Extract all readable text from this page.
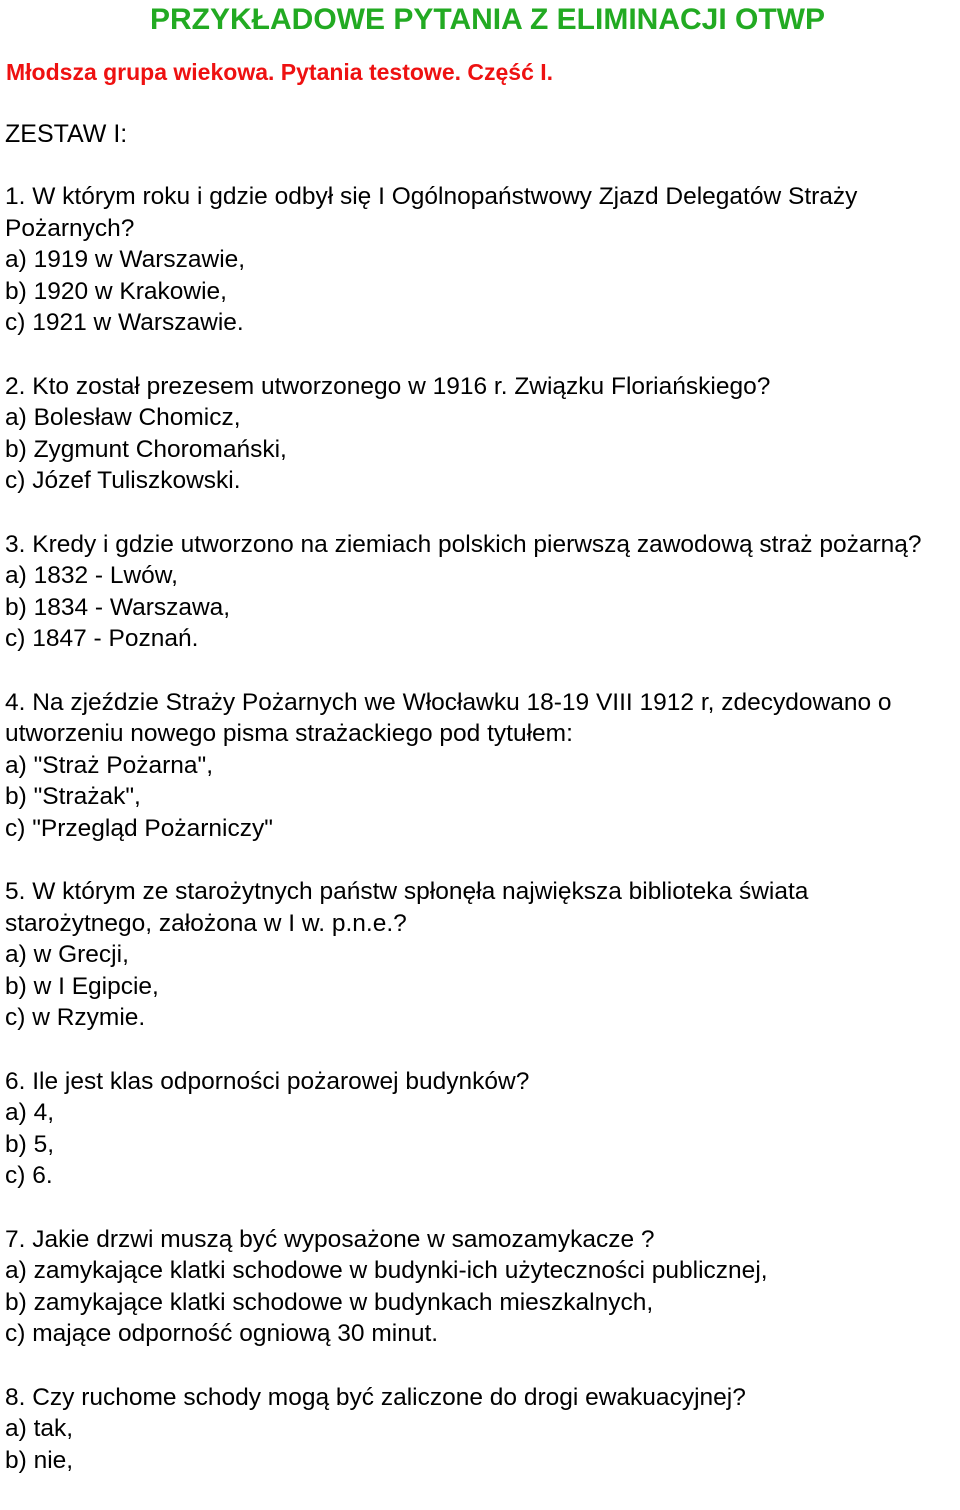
PRZYKŁADOWE PYTANIA Z ELIMINACJI OTWP
Młodsza grupa wiekowa. Pytania testowe. Część I.
ZESTAW I:
1. W którym roku i gdzie odbył się I Ogólnopaństwowy Zjazd Delegatów Straży Pożarnych?
a) 1919 w Warszawie,
b) 1920 w Krakowie,
c) 1921 w Warszawie.
2. Kto został prezesem utworzonego w 1916 r. Związku Floriańskiego?
a) Bolesław Chomicz,
b) Zygmunt Choromański,
c) Józef Tuliszkowski.
3. Kredy i gdzie utworzono na ziemiach polskich pierwszą zawodową straż pożarną?
a) 1832 - Lwów,
b) 1834 - Warszawa,
c) 1847 - Poznań.
4. Na zjeździe Straży Pożarnych we Włocławku 18-19 VIII 1912 r, zdecydowano o utworzeniu nowego pisma strażackiego pod tytułem:
a) "Straż Pożarna",
b) "Strażak",
c) "Przegląd Pożarniczy"
5. W którym ze starożytnych państw spłonęła największa biblioteka świata starożytnego, założona w I w. p.n.e.?
a) w Grecji,
b) w I Egipcie,
c) w Rzymie.
6. Ile jest klas odporności pożarowej budynków?
a) 4,
b) 5,
c) 6.
7. Jakie drzwi muszą być wyposażone w samozamykacze ?
a) zamykające klatki schodowe w budynki-ich użyteczności publicznej,
b) zamykające klatki schodowe w budynkach mieszkalnych,
c) mające odporność ogniową 30 minut.
8. Czy ruchome schody mogą być zaliczone do drogi ewakuacyjnej?
a) tak,
b) nie,
